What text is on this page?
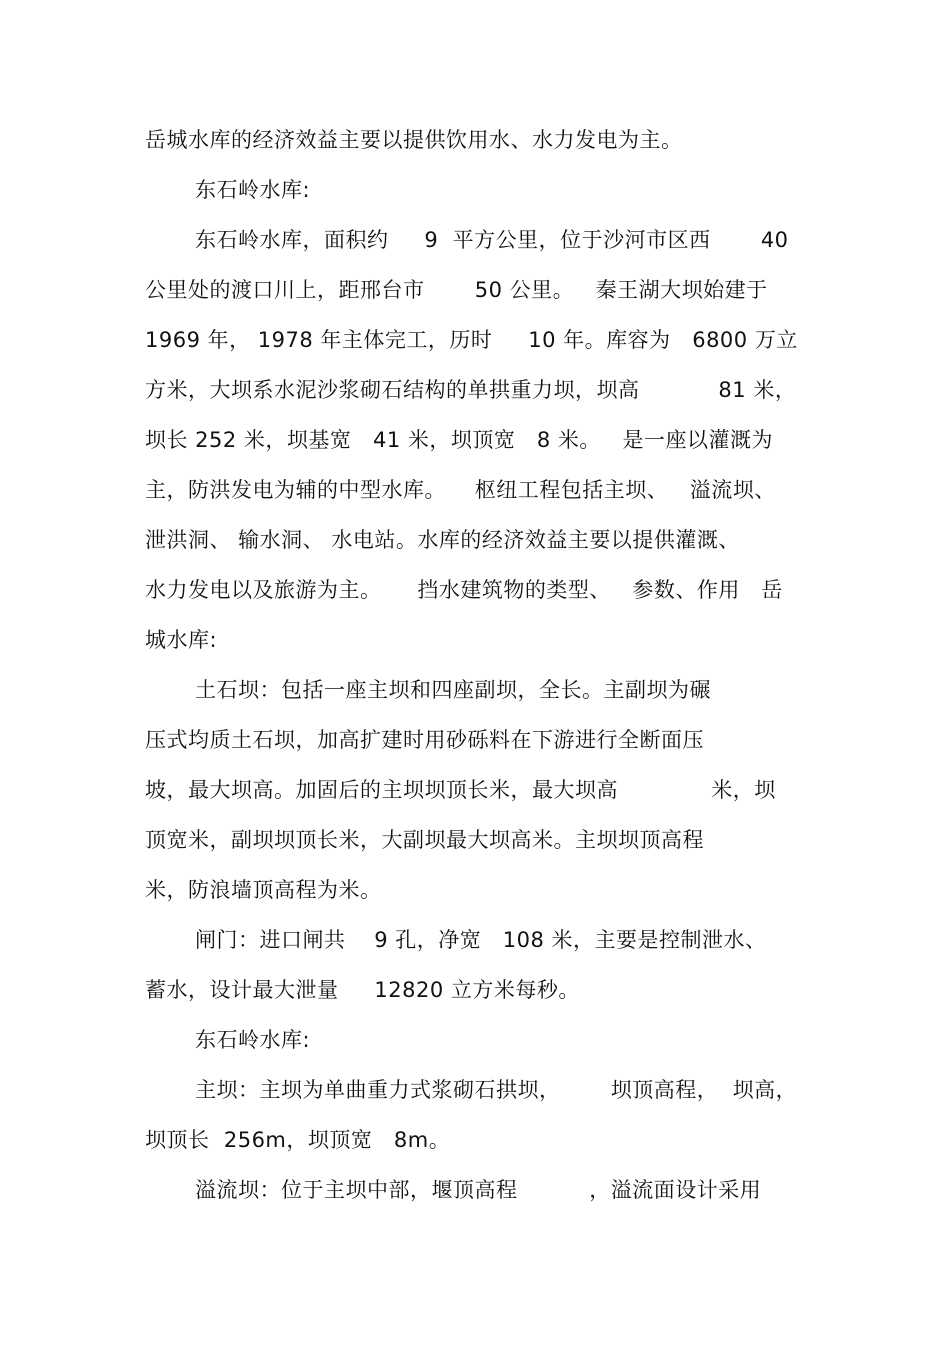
岳城水库的经济效益主要以提供饮用水、水力发电为主。
东石岭水库:
东石岭水库，面积约     9  平方公里，位于沙河市区西       40
公里处的渡口川上，距邢台市       50 公里。   秦王湖大坝始建于
1969 年， 1978 年主体完工，历时     10 年。库容为   6800 万立
方米，大坝系水泥沙浆砌石结构的单拱重力坝，坝高           81 米，
坝长 252 米，坝基宽   41 米，坝顶宽   8 米。   是一座以灌溉为
主，防洪发电为辅的中型水库。    枢纽工程包括主坝、   溢流坝、
泄洪洞、 输水洞、 水电站。水库的经济效益主要以提供灌溉、
水力发电以及旅游为主。     挡水建筑物的类型、   参数、作用   岳
城水库:
土石坝：包括一座主坝和四座副坝，全长。主副坝为碾
压式均质土石坝，加高扩建时用砂砾料在下游进行全断面压
坡，最大坝高。加固后的主坝坝顶长米，最大坝高             米，坝
顶宽米，副坝坝顶长米，大副坝最大坝高米。主坝坝顶高程
米，防浪墙顶高程为米。
闸门：进口闸共    9 孔，净宽   108 米，主要是控制泄水、
蓄水，设计最大泄量     12820 立方米每秒。
东石岭水库:
主坝：主坝为单曲重力式浆砌石拱坝，       坝顶高程，  坝高，
坝顶长  256m，坝顶宽   8m。
溢流坝：位于主坝中部，堰顶高程          ，溢流面设计采用
